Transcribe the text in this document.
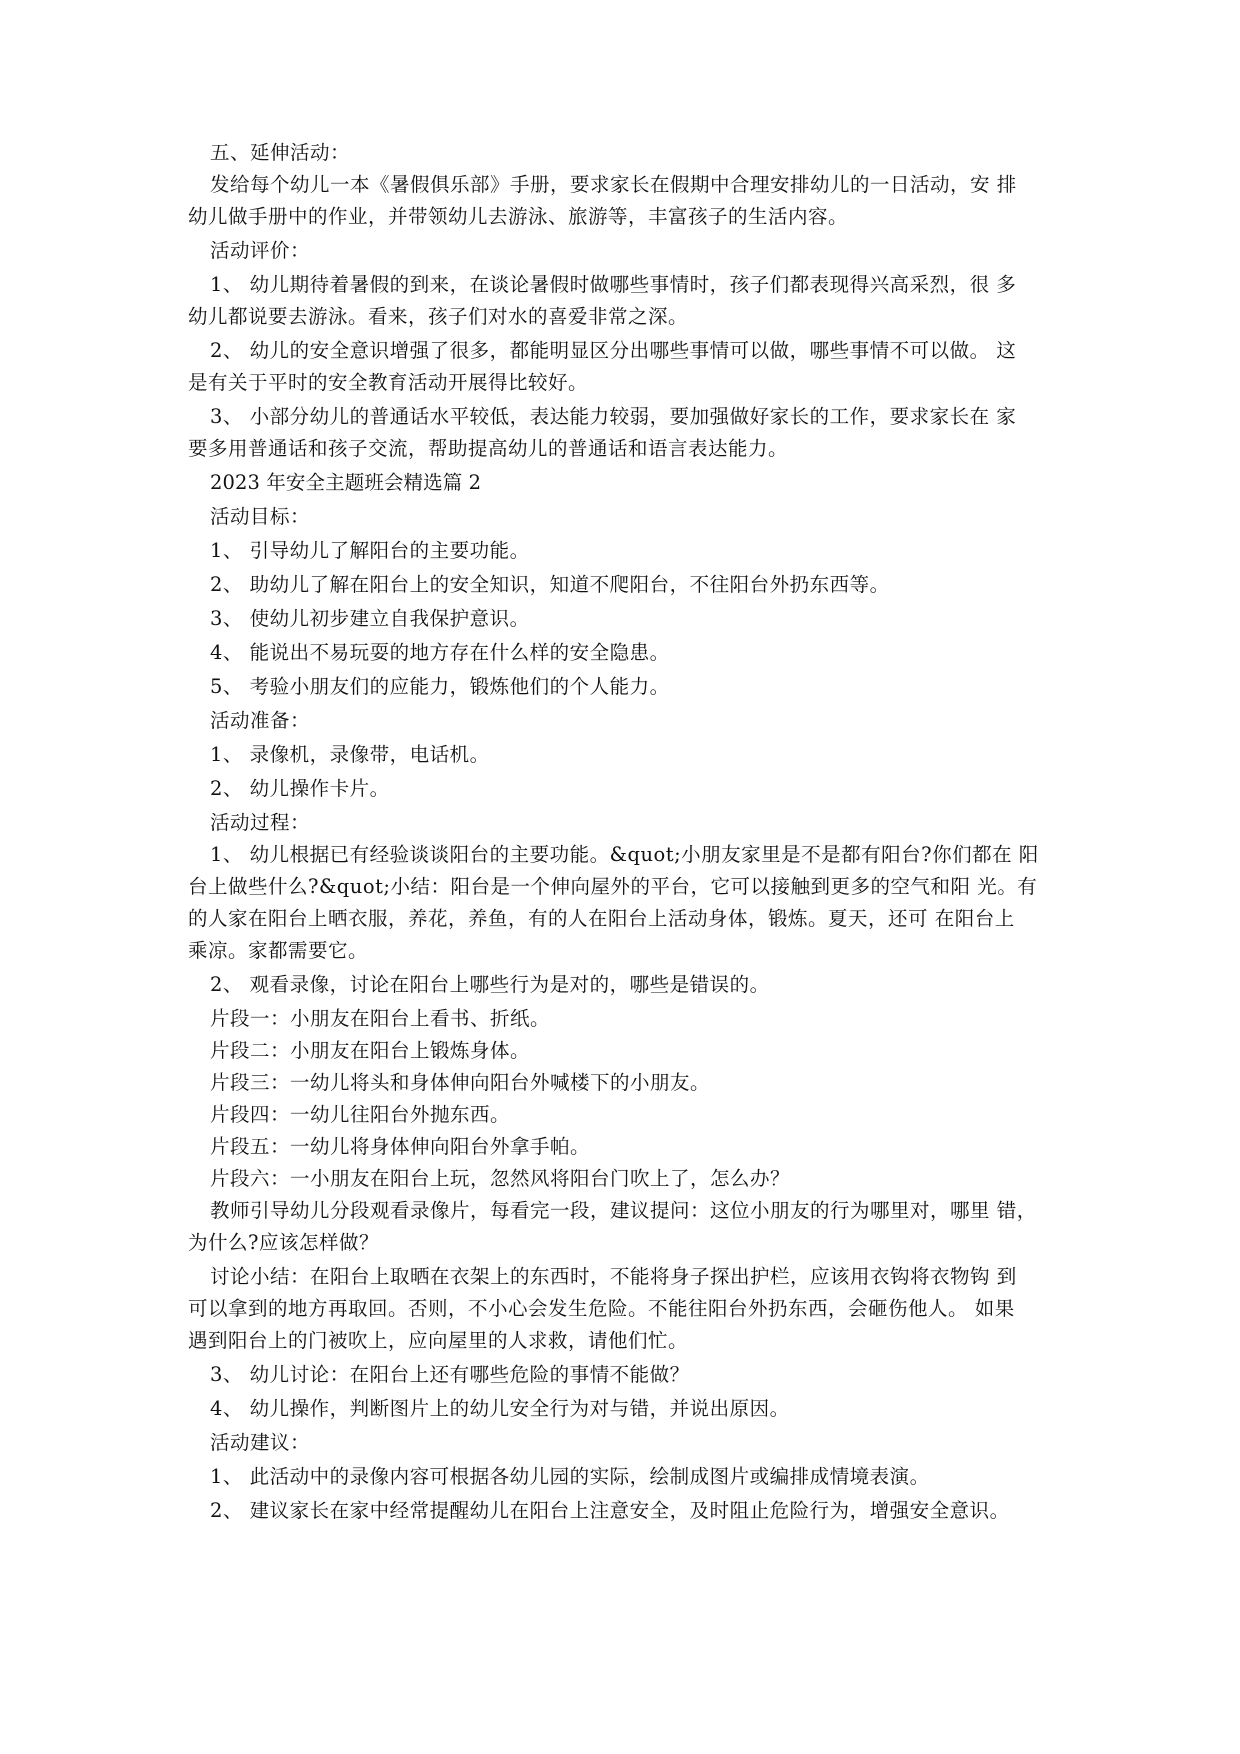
五、延伸活动：
发给每个幼儿一本《暑假俱乐部》手册，要求家长在假期中合理安排幼儿的一日活动，安 排
幼儿做手册中的作业，并带领幼儿去游泳、旅游等，丰富孩子的生活内容。
活动评价：
1、 幼儿期待着暑假的到来，在谈论暑假时做哪些事情时，孩子们都表现得兴高采烈，很 多
幼儿都说要去游泳。看来，孩子们对水的喜爱非常之深。
2、 幼儿的安全意识增强了很多，都能明显区分出哪些事情可以做，哪些事情不可以做。 这
是有关于平时的安全教育活动开展得比较好。
3、 小部分幼儿的普通话水平较低，表达能力较弱，要加强做好家长的工作，要求家长在 家
要多用普通话和孩子交流，帮助提高幼儿的普通话和语言表达能力。
2023 年安全主题班会精选篇 2
活动目标：
1、 引导幼儿了解阳台的主要功能。
2、 助幼儿了解在阳台上的安全知识，知道不爬阳台，不往阳台外扔东西等。
3、 使幼儿初步建立自我保护意识。
4、 能说出不易玩耍的地方存在什么样的安全隐患。
5、 考验小朋友们的应能力，锻炼他们的个人能力。
活动准备：
1、 录像机，录像带，电话机。
2、 幼儿操作卡片。
活动过程：
1、 幼儿根据已有经验谈谈阳台的主要功能。&quot;小朋友家里是不是都有阳台?你们都在 阳
台上做些什么?&quot;小结：阳台是一个伸向屋外的平台，它可以接触到更多的空气和阳 光。有
的人家在阳台上晒衣服，养花，养鱼，有的人在阳台上活动身体，锻炼。夏天，还可 在阳台上
乘凉。家都需要它。
2、 观看录像，讨论在阳台上哪些行为是对的，哪些是错误的。
片段一：小朋友在阳台上看书、折纸。
片段二：小朋友在阳台上锻炼身体。
片段三：一幼儿将头和身体伸向阳台外喊楼下的小朋友。
片段四：一幼儿往阳台外抛东西。
片段五：一幼儿将身体伸向阳台外拿手帕。
片段六：一小朋友在阳台上玩，忽然风将阳台门吹上了，怎么办？
教师引导幼儿分段观看录像片，每看完一段，建议提问：这位小朋友的行为哪里对，哪里 错，
为什么?应该怎样做？
讨论小结：在阳台上取晒在衣架上的东西时，不能将身子探出护栏，应该用衣钩将衣物钩 到
可以拿到的地方再取回。否则，不小心会发生危险。不能往阳台外扔东西，会砸伤他人。 如果
遇到阳台上的门被吹上，应向屋里的人求救，请他们忙。
3、 幼儿讨论：在阳台上还有哪些危险的事情不能做？
4、 幼儿操作，判断图片上的幼儿安全行为对与错，并说出原因。
活动建议：
1、 此活动中的录像内容可根据各幼儿园的实际，绘制成图片或编排成情境表演。
2、 建议家长在家中经常提醒幼儿在阳台上注意安全，及时阻止危险行为，增强安全意识。
